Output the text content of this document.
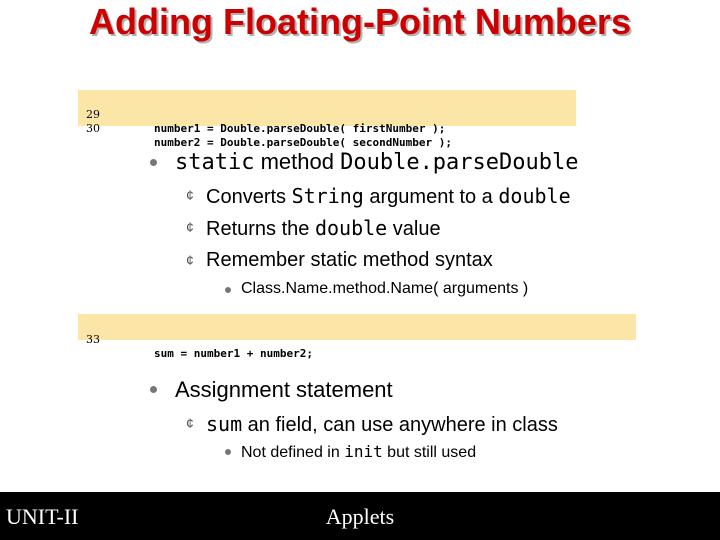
Adding Floating-Point Numbers

29

number1 = Double.parseDouble( firstNumber );

30

number2 = Double.parseDouble( secondNumber );

static method Double.parseDouble
¢ Converts String argument to a double
¢ Returns the double value
¢ Remember static method syntax
Class.Name.method.Name( arguments )

33

sum = number1 + number2;

Assignment statement
¢ sum an field, can use anywhere in class
Not defined in init but still used
UNIT-II	Applets
